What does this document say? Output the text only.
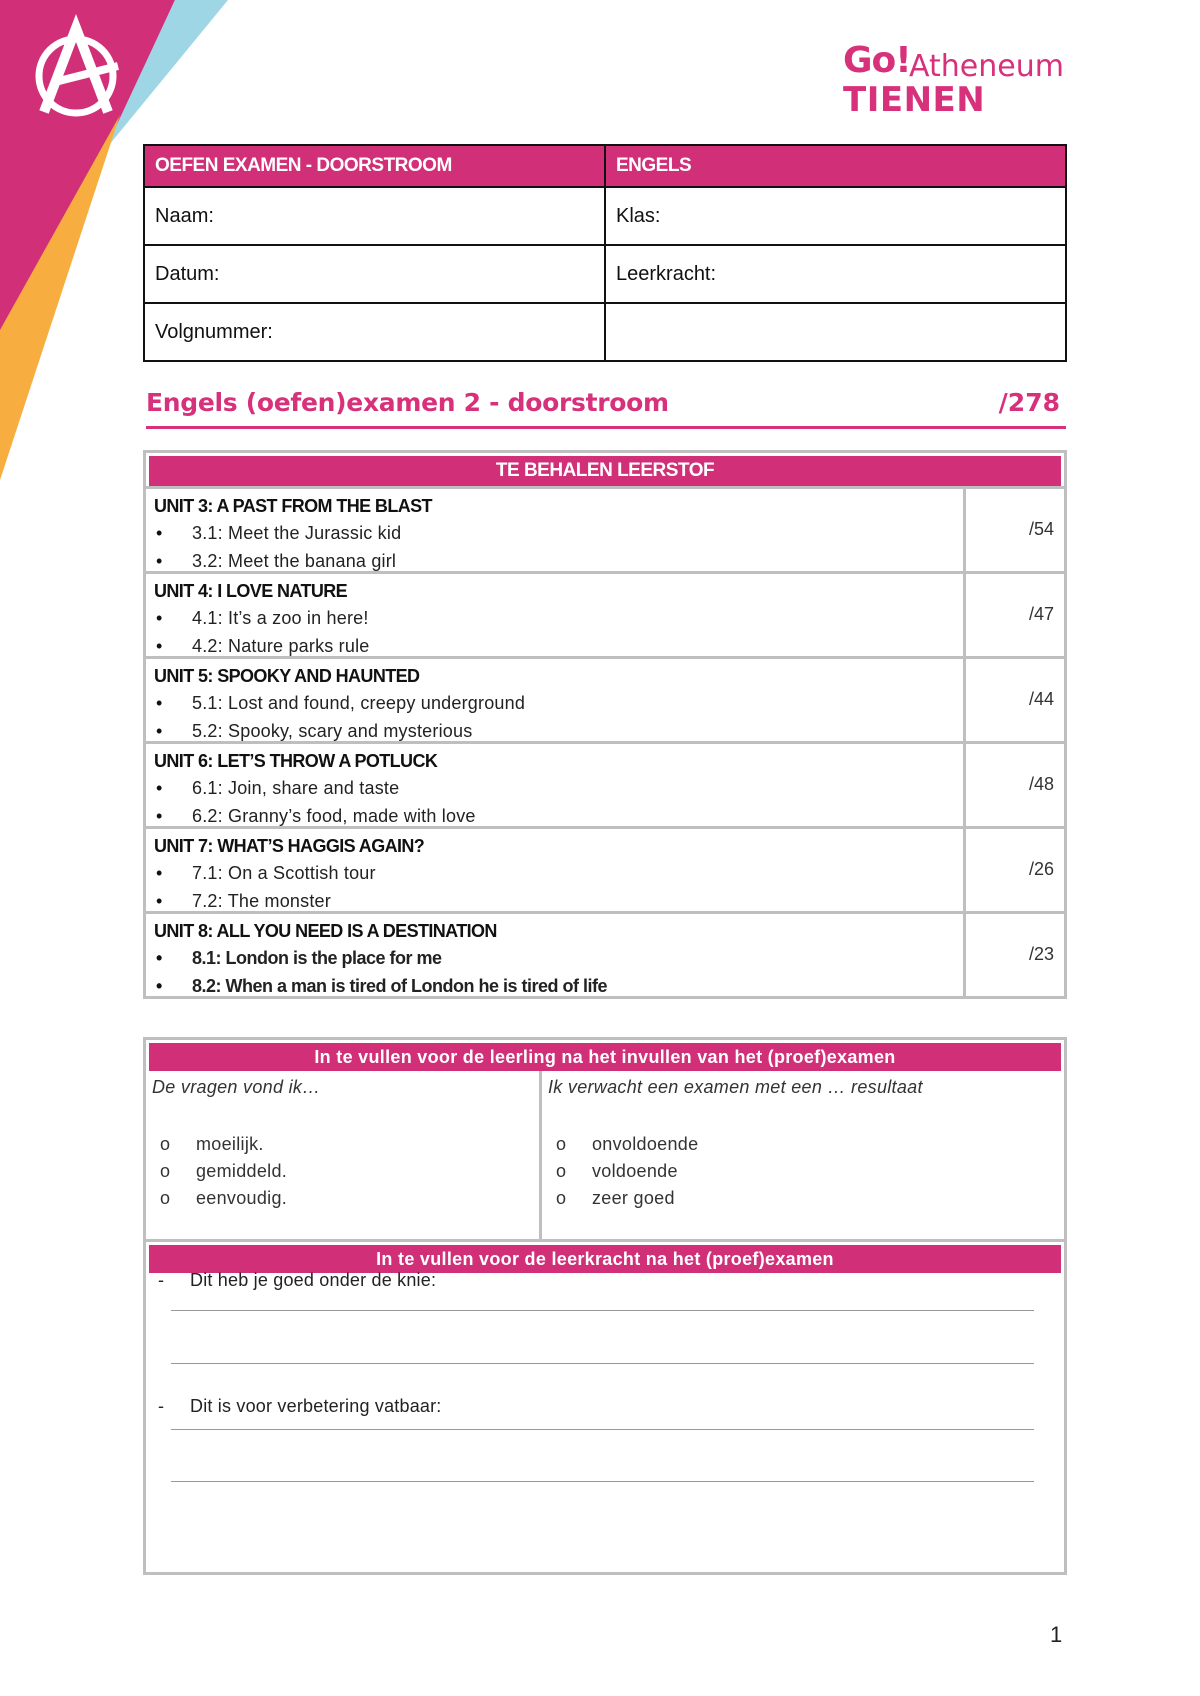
Go!
Atheneum
TIENEN
OEFEN EXAMEN - DOORSTROOM	ENGELS
Naam:	Klas:
Datum:	Leerkracht:
Volgnummer:	
Engels (oefen)examen 2 - doorstroom	/278
TE BEHALEN LEERSTOF
UNIT 3: A PAST FROM THE BLAST
• 3.1: Meet the Jurassic kid
• 3.2: Meet the banana girl
/54
UNIT 4: I LOVE NATURE
• 4.1: It’s a zoo in here!
• 4.2: Nature parks rule
/47
UNIT 5: SPOOKY AND HAUNTED
• 5.1: Lost and found, creepy underground
• 5.2: Spooky, scary and mysterious
/44
UNIT 6: LET’S THROW A POTLUCK
• 6.1: Join, share and taste
• 6.2: Granny’s food, made with love
/48
UNIT 7: WHAT’S HAGGIS AGAIN?
• 7.1: On a Scottish tour
• 7.2: The monster
/26
UNIT 8: ALL YOU NEED IS A DESTINATION
• 8.1: London is the place for me
• 8.2: When a man is tired of London he is tired of life
/23
In te vullen voor de leerling na het invullen van het (proef)examen
De vragen vond ik…
o moeilijk.
o gemiddeld.
o eenvoudig.
Ik verwacht een examen met een … resultaat
o onvoldoende
o voldoende
o zeer goed
In te vullen voor de leerkracht na het (proef)examen
- Dit heb je goed onder de knie:
- Dit is voor verbetering vatbaar:
1
